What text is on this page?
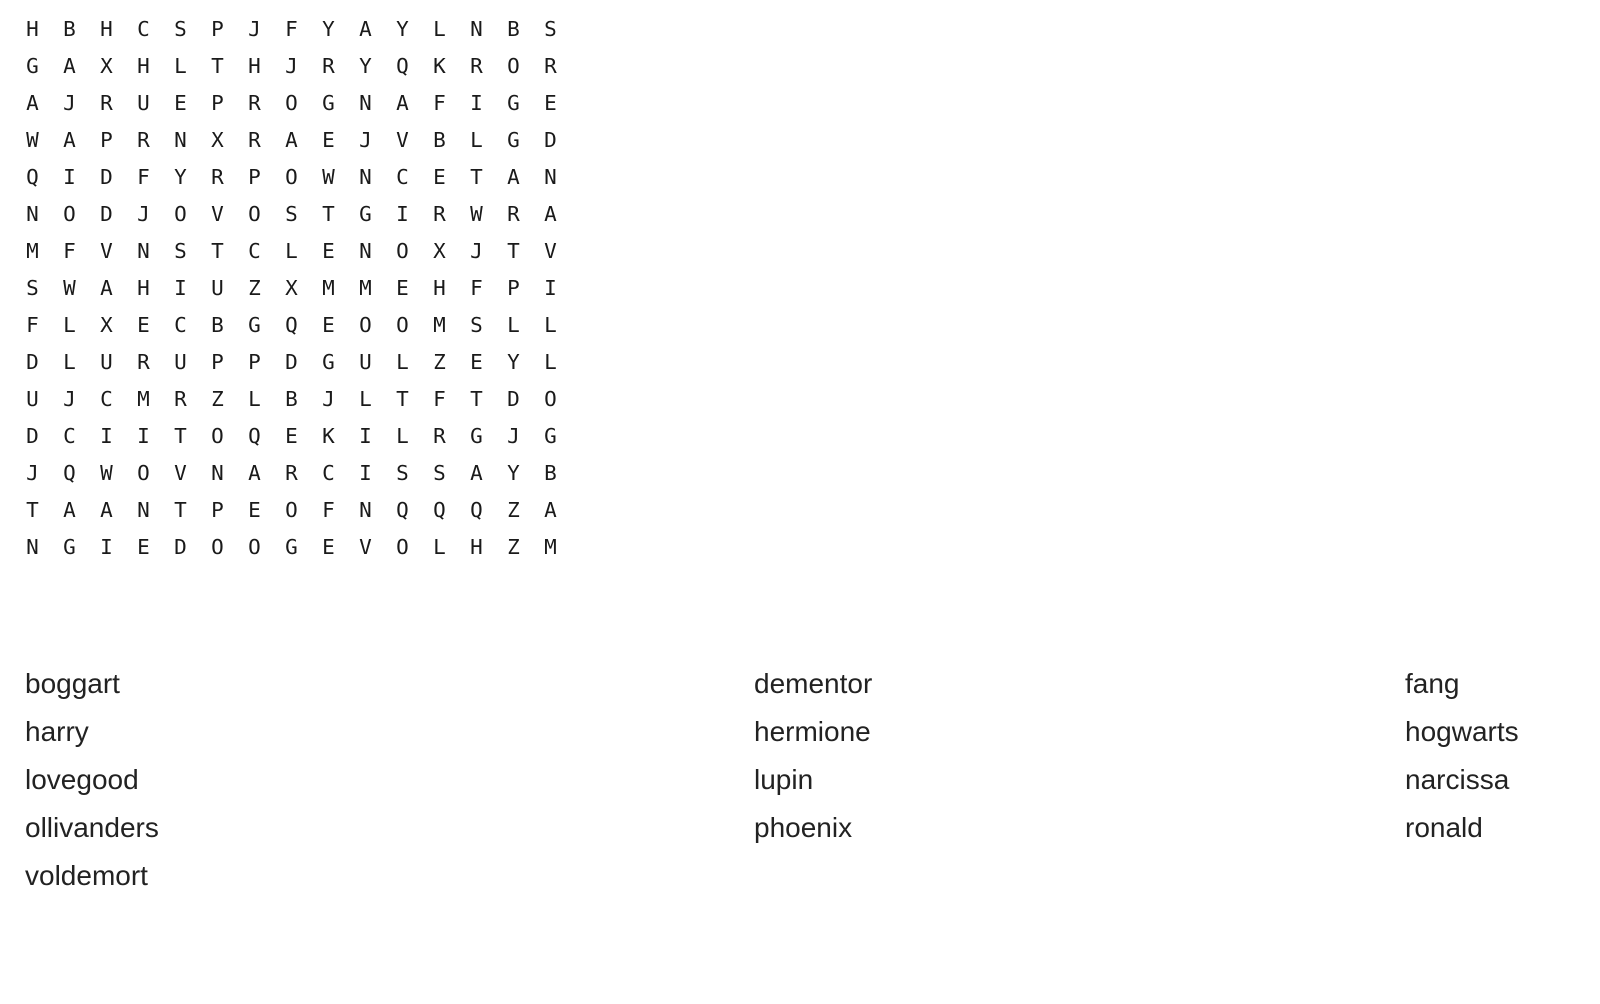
H	B	H	C	S	P	J	F	Y	A	Y	L	N	B	S
G	A	X	H	L	T	H	J	R	Y	Q	K	R	O	R
A	J	R	U	E	P	R	O	G	N	A	F	I	G	E
W	A	P	R	N	X	R	A	E	J	V	B	L	G	D
Q	I	D	F	Y	R	P	O	W	N	C	E	T	A	N
N	O	D	J	O	V	O	S	T	G	I	R	W	R	A
M	F	V	N	S	T	C	L	E	N	O	X	J	T	V
S	W	A	H	I	U	Z	X	M	M	E	H	F	P	I
F	L	X	E	C	B	G	Q	E	O	O	M	S	L	L
D	L	U	R	U	P	P	D	G	U	L	Z	E	Y	L
U	J	C	M	R	Z	L	B	J	L	T	F	T	D	O
D	C	I	I	T	O	Q	E	K	I	L	R	G	J	G
J	Q	W	O	V	N	A	R	C	I	S	S	A	Y	B
T	A	A	N	T	P	E	O	F	N	Q	Q	Q	Z	A
N	G	I	E	D	O	O	G	E	V	O	L	H	Z	M
boggart
harry
lovegood
ollivanders
voldemort
dementor
hermione
lupin
phoenix
fang
hogwarts
narcissa
ronald
